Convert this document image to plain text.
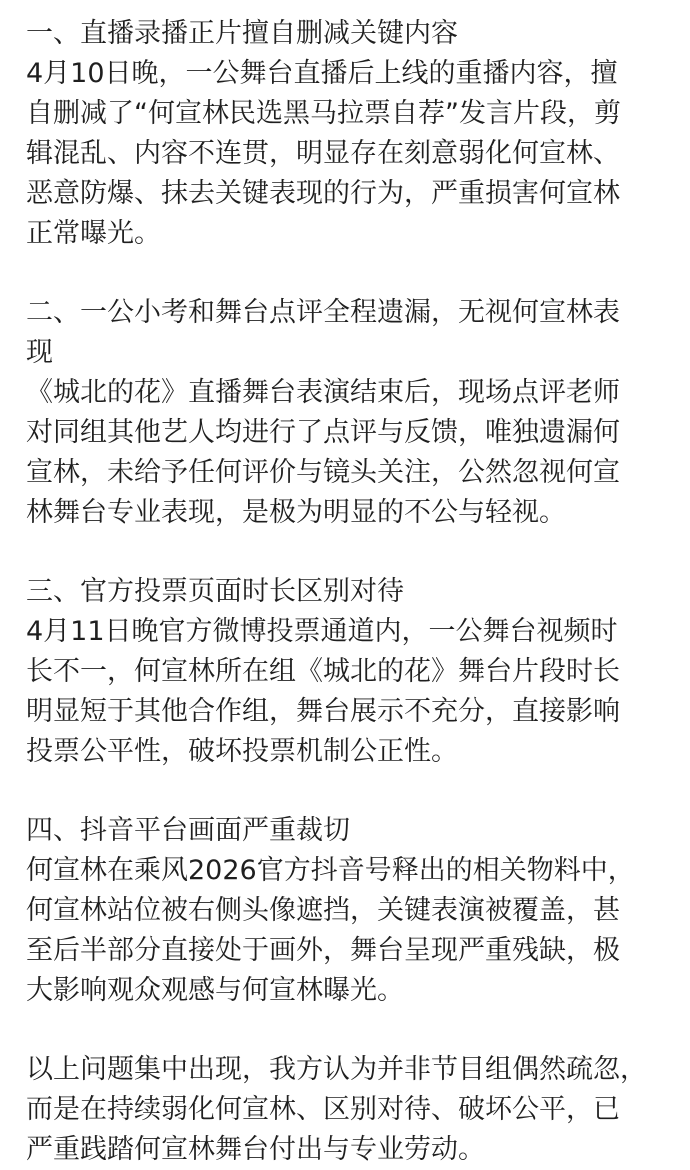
一、直播录播正片擅自删减关键内容

4月10日晚，一公舞台直播后上线的重播内容，擅
自删减了“何宣林民选黑马拉票自荐”发言片段，剪
辑混乱、内容不连贯，明显存在刻意弱化何宣林、
恶意防爆、抹去关键表现的行为，严重损害何宣林
正常曝光。

二、一公小考和舞台点评全程遗漏，无视何宣林表
现

《城北的花》直播舞台表演结束后，现场点评老师
对同组其他艺人均进行了点评与反馈，唯独遗漏何
宣林，未给予任何评价与镜头关注，公然忽视何宣
林舞台专业表现，是极为明显的不公与轻视。

三、官方投票页面时长区别对待

4月11日晚官方微博投票通道内，一公舞台视频时
长不一，何宣林所在组《城北的花》舞台片段时长
明显短于其他合作组，舞台展示不充分，直接影响
投票公平性，破坏投票机制公正性。

四、抖音平台画面严重裁切

何宣林在乘风2026官方抖音号释出的相关物料中，
何宣林站位被右侧头像遮挡，关键表演被覆盖，甚
至后半部分直接处于画外，舞台呈现严重残缺，极
大影响观众观感与何宣林曝光。

以上问题集中出现，我方认为并非节目组偶然疏忽，
而是在持续弱化何宣林、区别对待、破坏公平，已
严重践踏何宣林舞台付出与专业劳动。
